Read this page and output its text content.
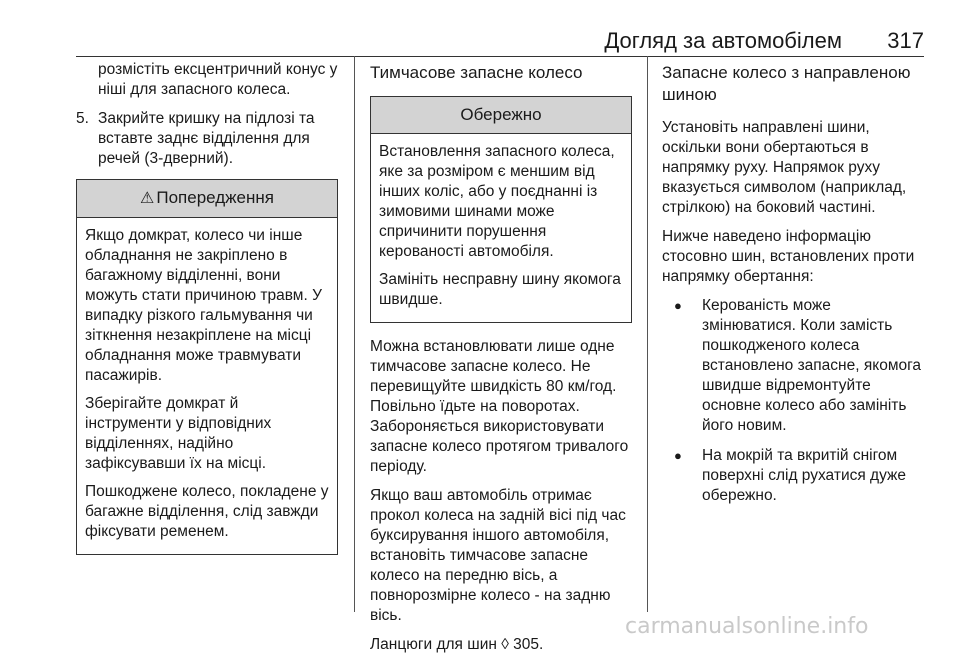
Догляд за автомобілем 317

розмістіть ексцентричний конус у ніші для запасного колеса.

5. Закрийте кришку на підлозі та вставте заднє відділення для речей (3-дверний).
⚠ Попередження

Якщо домкрат, колесо чи інше обладнання не закріплено в багажному відділенні, вони можуть стати причиною травм. У випадку різкого гальмування чи зіткнення незакріплене на місці обладнання може травмувати пасажирів.

Зберігайте домкрат й інструменти у відповідних відділеннях, надійно зафіксувавши їх на місці.

Пошкоджене колесо, покладене у багажне відділення, слід завжди фіксувати ременем.

Тимчасове запасне колесо
Обережно

Встановлення запасного колеса, яке за розміром є меншим від інших коліс, або у поєднанні із зимовими шинами може спричинити порушення керованості автомобіля.

Замініть несправну шину якомога швидше.

Можна встановлювати лише одне тимчасове запасне колесо. Не перевищуйте швидкість 80 км/год. Повільно їдьте на поворотах. Забороняється використовувати запасне колесо протягом тривалого періоду.

Якщо ваш автомобіль отримає прокол колеса на задній вісі під час буксирування іншого автомобіля, встановіть тимчасове запасне колесо на передню вісь, а повнорозмірне колесо - на задню вісь.

Ланцюги для шин ◊ 305.

Запасне колесо з направленою шиною

Установіть направлені шини, оскільки вони обертаються в напрямку руху. Напрямок руху вказується символом (наприклад, стрілкою) на боковий частині.

Нижче наведено інформацію стосовно шин, встановлених проти напрямку обертання:

●	Керованість може змінюватися. Коли замість пошкодженого колеса встановлено запасне, якомога швидше відремонтуйте основне колесо або замініть його новим.
●	На мокрій та вкритій снігом поверхні слід рухатися дуже обережно.
carmanualsonline.info
